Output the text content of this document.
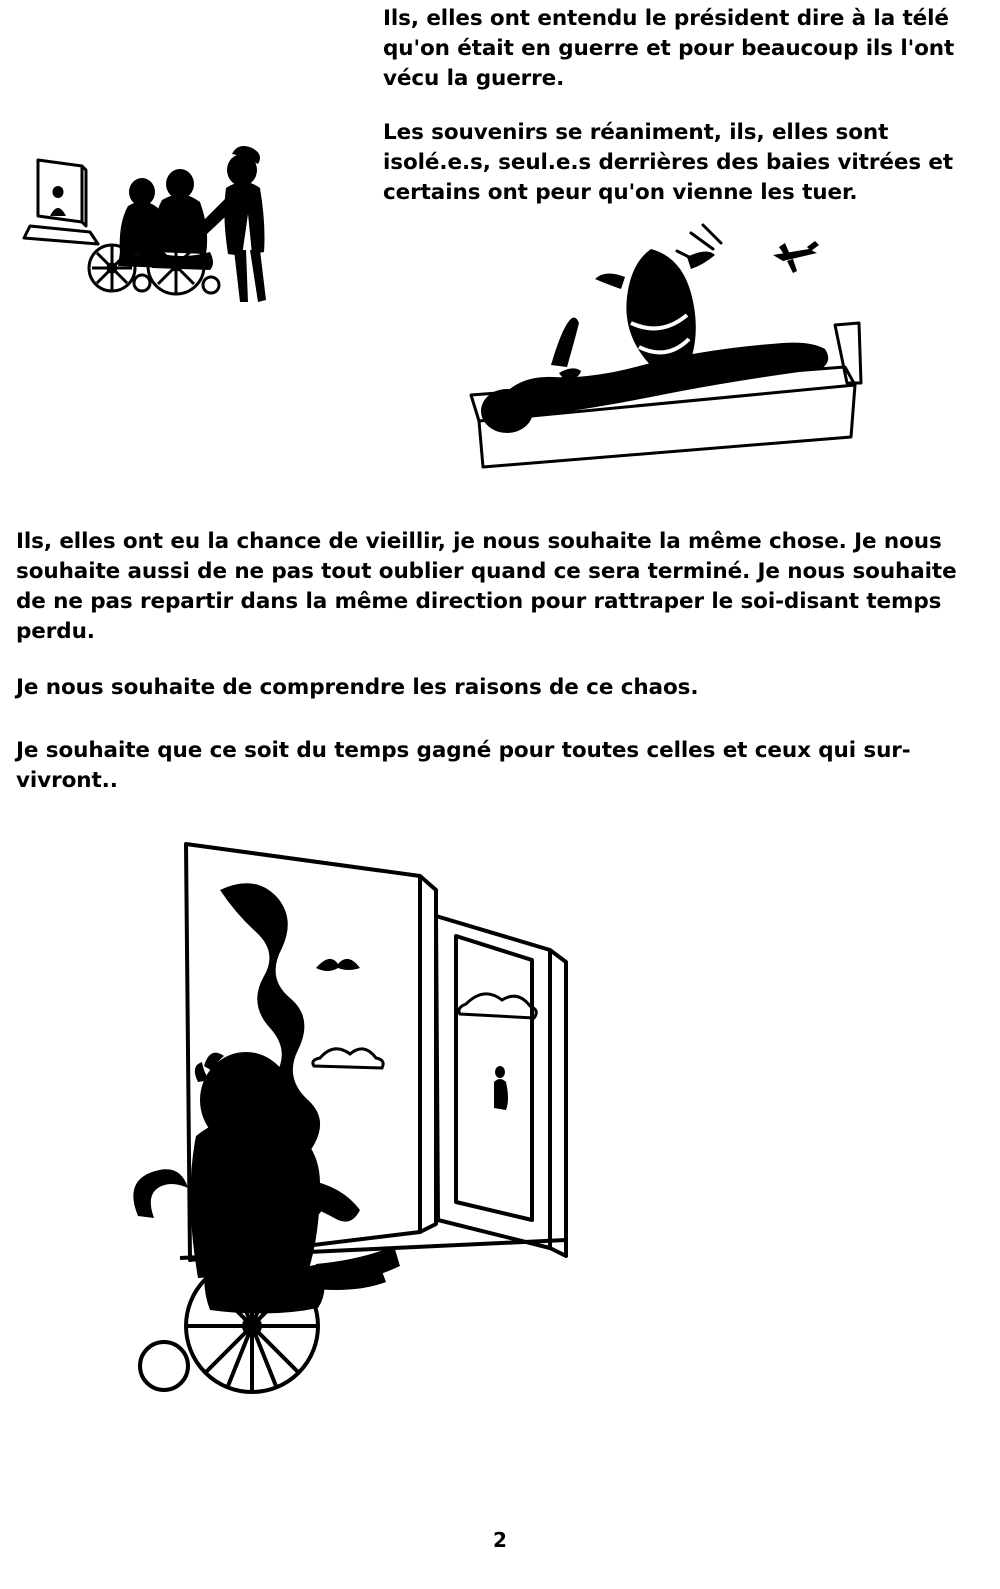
Ils, elles ont entendu le président dire à la télé qu'on était en guerre et pour beaucoup ils l'ont vécu la guerre.
Les souvenirs se réaniment, ils, elles sont isolé.e.s, seul.e.s derrières des baies vitrées et certains ont peur qu'on vienne les tuer.
Ils, elles ont eu la chance de vieillir, je nous souhaite la même chose. Je nous souhaite aussi de ne pas tout oublier quand ce sera terminé. Je nous souhaite de ne pas repartir dans la même direction pour rattraper le soi-disant temps perdu.
Je nous souhaite de comprendre les raisons de ce chaos.
Je souhaite que ce soit du temps gagné pour toutes celles et ceux qui sur-vivront..
2
